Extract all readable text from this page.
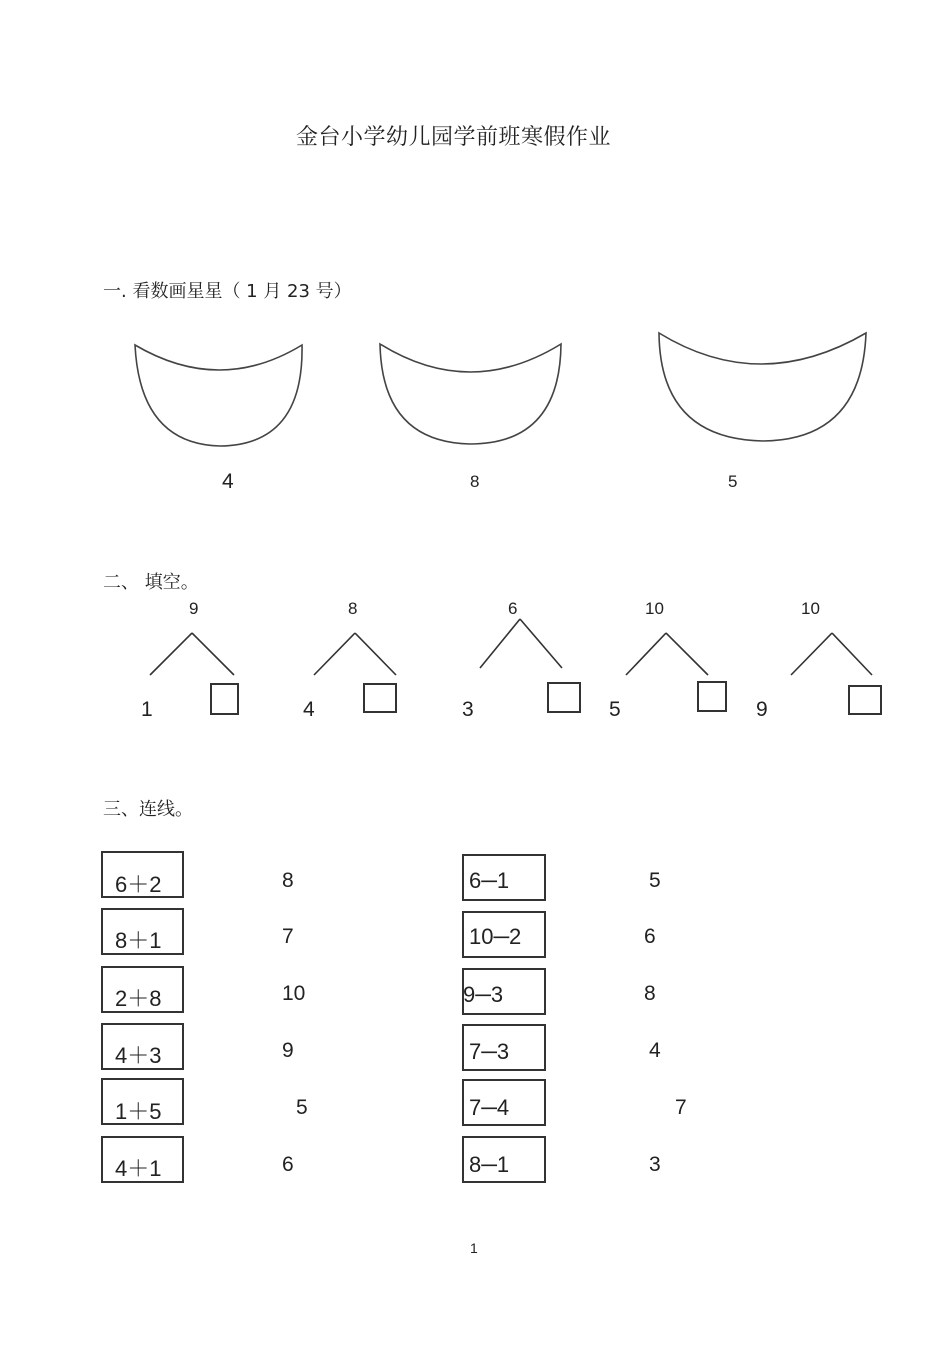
金台小学幼儿园学前班寒假作业
一. 看数画星星（ 1 月 23 号）
4	8	5
二、 填空。
9
1
8
4
6
3
10
5
10
9
三、连线。
6＋2	8
8＋1	7
2＋8	10
4＋3	9
1＋5	5
4＋1	6
6─1	5
10─2	6
9─3	8
7─3	4
7─4	7
8─1	3
1
